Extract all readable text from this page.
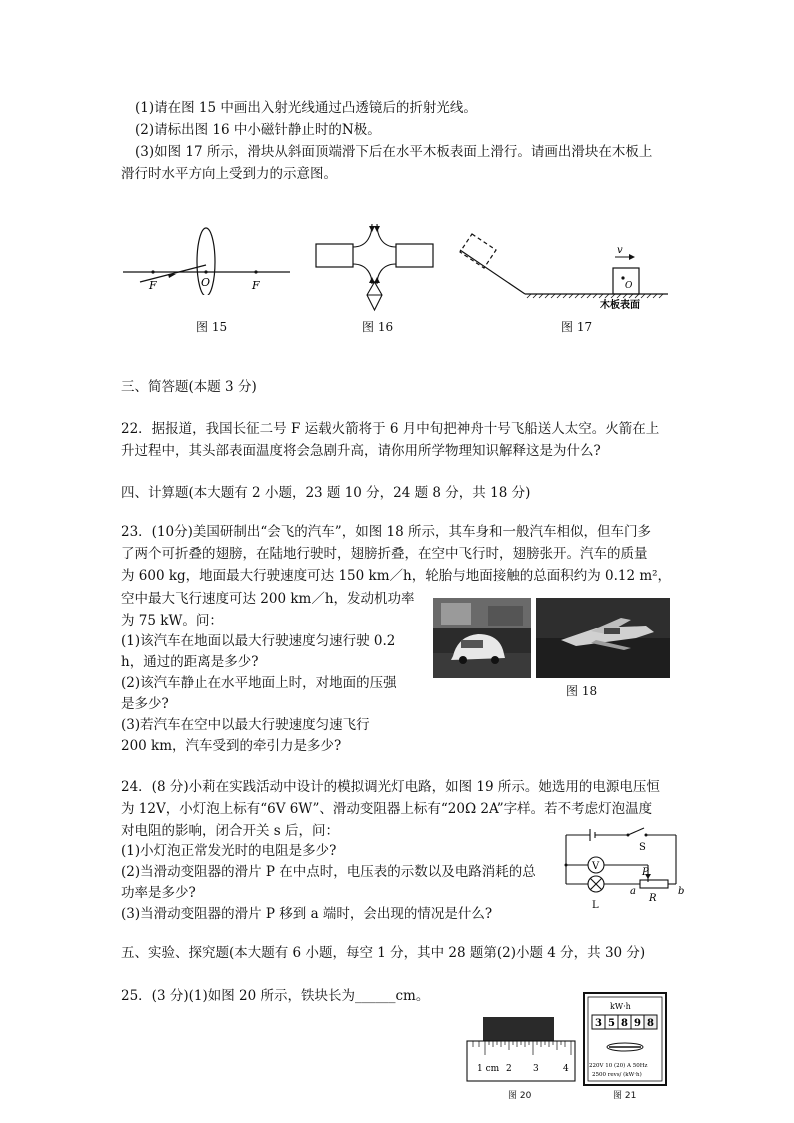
(1)请在图 15 中画出入射光线通过凸透镜后的折射光线。
(2)请标出图 16 中小磁针静止时的N极。
(3)如图 17 所示，滑块从斜面顶端滑下后在水平木板表面上滑行。请画出滑块在木板上
滑行时水平方向上受到力的示意图。
F	O	F
图 15	图 16
O
v
木板表面
图 17
三、简答题(本题 3 分)
22．据报道，我国长征二号 F 运载火箭将于 6 月中旬把神舟十号飞船送人太空。火箭在上
升过程中，其头部表面温度将会急剧升高，请你用所学物理知识解释这是为什么?
四、计算题(本大题有 2 小题，23 题 10 分，24 题 8 分，共 18 分)
23．(10分)美国研制出“会飞的汽车”，如图 18 所示，其车身和一般汽车相似，但车门多
了两个可折叠的翅膀，在陆地行驶时，翅膀折叠，在空中飞行时，翅膀张开。汽车的质量
为 600 kg，地面最大行驶速度可达 150 km／h，轮胎与地面接触的总面积约为 0.12 m²，
空中最大飞行速度可达 200 km／h，发动机功率
为 75 kW。问：
(1)该汽车在地面以最大行驶速度匀速行驶 0.2
h，通过的距离是多少?
(2)该汽车静止在水平地面上时，对地面的压强
是多少?
(3)若汽车在空中以最大行驶速度匀速飞行
200 km，汽车受到的牵引力是多少?
图 18
24．(8 分)小莉在实践活动中设计的模拟调光灯电路，如图 19 所示。她选用的电源电压恒
为 12V，小灯泡上标有“6V 6W”、滑动变阻器上标有“20Ω 2A”字样。若不考虑灯泡温度
对电阻的影响，闭合开关 s 后，问：
(1)小灯泡正常发光时的电阻是多少?
(2)当滑动变阻器的滑片 P 在中点时，电压表的示数以及电路消耗的总
功率是多少?
(3)当滑动变阻器的滑片 P 移到 a 端时，会出现的情况是什么?
V
S
P
a	b
R
L
五、实验、探究题(本大题有 6 小题，每空 1 分，其中 28 题第(2)小题 4 分，共 30 分)
25．(3 分)(1)如图 20 所示，铁块长为______cm。
1 cm 2 3	4
图 20
kW·h
3 5 8 9 8
220V 10 (20) A 50Hz
2500 revs/ (kW·h)
图 21
